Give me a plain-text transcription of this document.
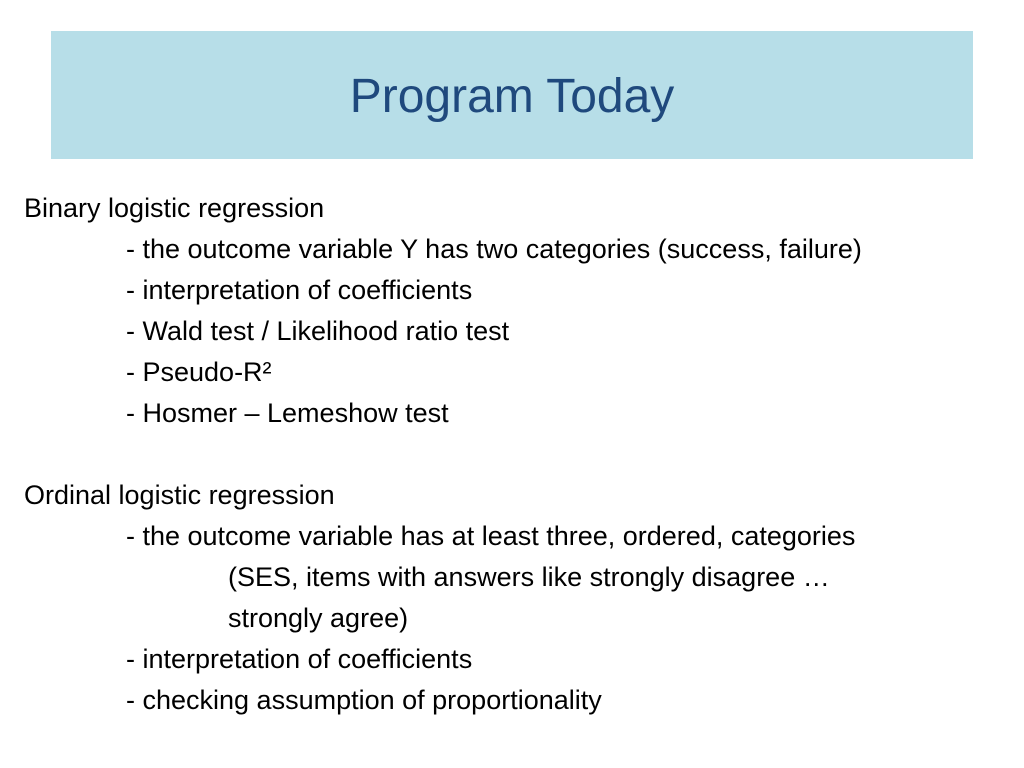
Program Today
Binary logistic regression
- the outcome variable Y has two categories (success, failure)
- interpretation of coefficients
- Wald test / Likelihood ratio test
- Pseudo-R²
- Hosmer – Lemeshow test
Ordinal logistic regression
- the outcome variable has at least three, ordered, categories
(SES, items with answers like strongly disagree …
strongly agree)
- interpretation of coefficients
- checking assumption of proportionality
